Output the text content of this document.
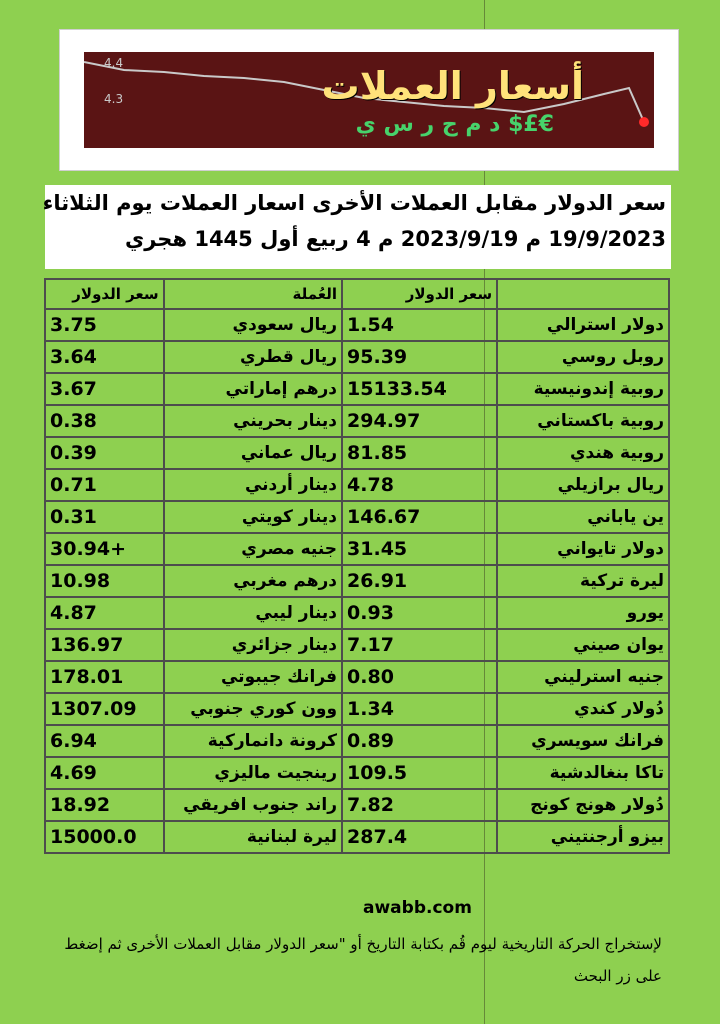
4.4
4.3	أسعار العملات
€£$ د م ج ر س ي
سعر الدولار مقابل العملات الأخرى اسعار العملات يوم الثلاثاء
19/9/2023 م 2023/9/19 م 4 ربيع أول 1445 هجري
	سعر الدولار	العُملة	سعر الدولار
دولار استرالي	1.54	ريال سعودي	3.75
روبل روسي	95.39	ريال قطري	3.64
روبية إندونيسية	15133.54	درهم إماراتي	3.67
روبية باكستاني	294.97	دينار بحريني	0.38
روبية هندي	81.85	ريال عماني	0.39
ريال برازيلي	4.78	دينار أردني	0.71
ين ياباني	146.67	دينار كويتي	0.31
دولار تايواني	31.45	جنيه مصري	30.94+
ليرة تركية	26.91	درهم مغربي	10.98
يورو	0.93	دينار ليبي	4.87
يوان صيني	7.17	دينار جزائري	136.97
جنيه استرليني	0.80	فرانك جيبوتي	178.01
دُولار كندي	1.34	وون كوري جنوبي	1307.09
فرانك سويسري	0.89	كرونة دانماركية	6.94
تاكا بنغالدشية	109.5	رينجيت ماليزي	4.69
دُولار هونج كونج	7.82	راند جنوب افريقي	18.92
بيزو أرجنتيني	287.4	ليرة لبنانية	15000.0
awabb.com
لإستخراج الحركة التاريخية ليوم قُم بكتابة التاريخ أو "سعر الدولار مقابل العملات الأخرى ثم إضغط على زر البحث
